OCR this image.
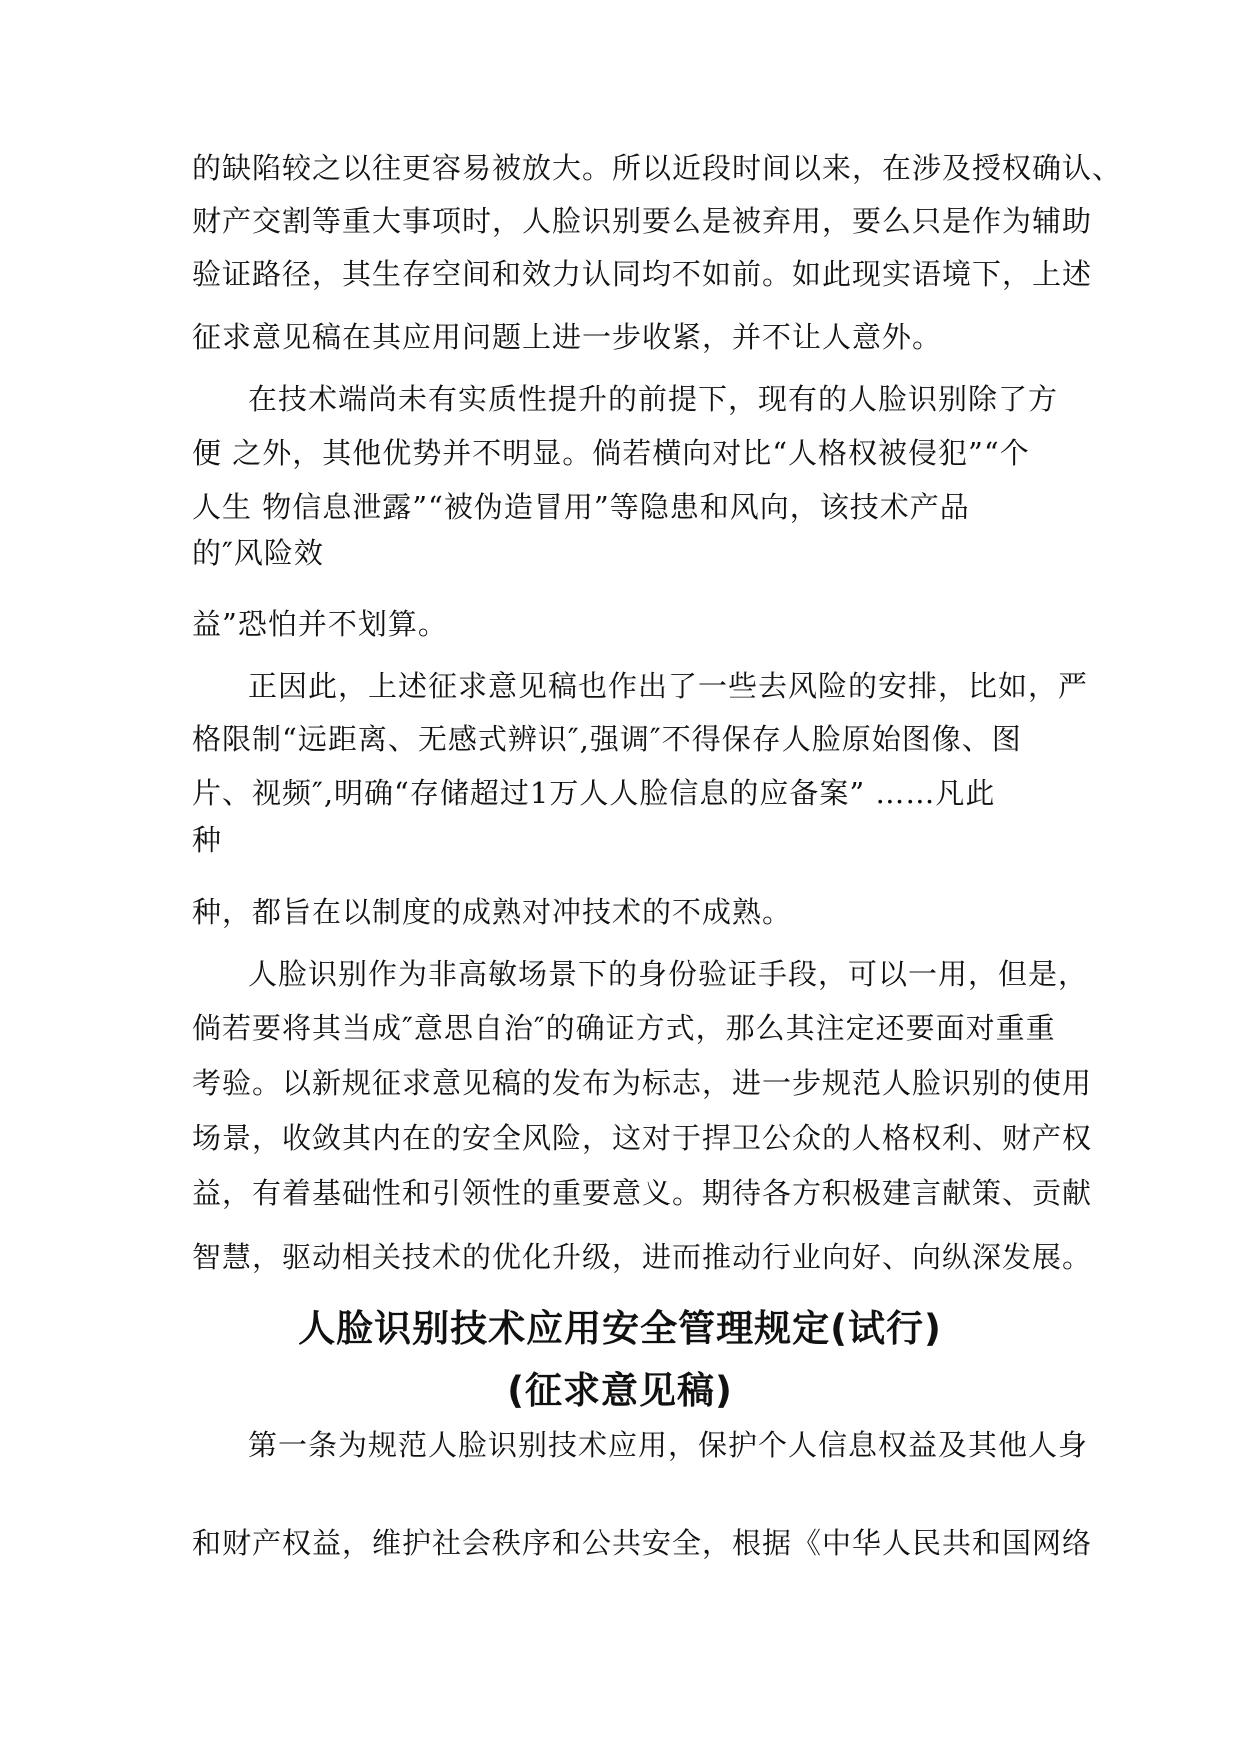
的缺陷较之以往更容易被放大。所以近段时间以来，在涉及授权确认、
财产交割等重大事项时，人脸识别要么是被弃用，要么只是作为辅助
验证路径，其生存空间和效力认同均不如前。如此现实语境下，上述
征求意见稿在其应用问题上进一步收紧，并不让人意外。
在技术端尚未有实质性提升的前提下，现有的人脸识别除了方
便 之外，其他优势并不明显。倘若横向对比“人格权被侵犯”“个
人生 物信息泄露”“被伪造冒用”等隐患和风向，该技术产品
的″风险效
益”恐怕并不划算。
正因此，上述征求意见稿也作出了一些去风险的安排，比如，严
格限制“远距离、无感式辨识″,强调″不得保存人脸原始图像、图
片、视频″,明确“存储超过1万人人脸信息的应备案” ……凡此
种
种，都旨在以制度的成熟对冲技术的不成熟。
人脸识别作为非高敏场景下的身份验证手段，可以一用，但是，
倘若要将其当成″意思自治″的确证方式，那么其注定还要面对重重
考验。以新规征求意见稿的发布为标志，进一步规范人脸识别的使用
场景，收敛其内在的安全风险，这对于捍卫公众的人格权利、财产权
益，有着基础性和引领性的重要意义。期待各方积极建言献策、贡献
智慧，驱动相关技术的优化升级，进而推动行业向好、向纵深发展。
人脸识别技术应用安全管理规定(试行)
(征求意见稿)
第一条为规范人脸识别技术应用，保护个人信息权益及其他人身
和财产权益，维护社会秩序和公共安全，根据《中华人民共和国网络
